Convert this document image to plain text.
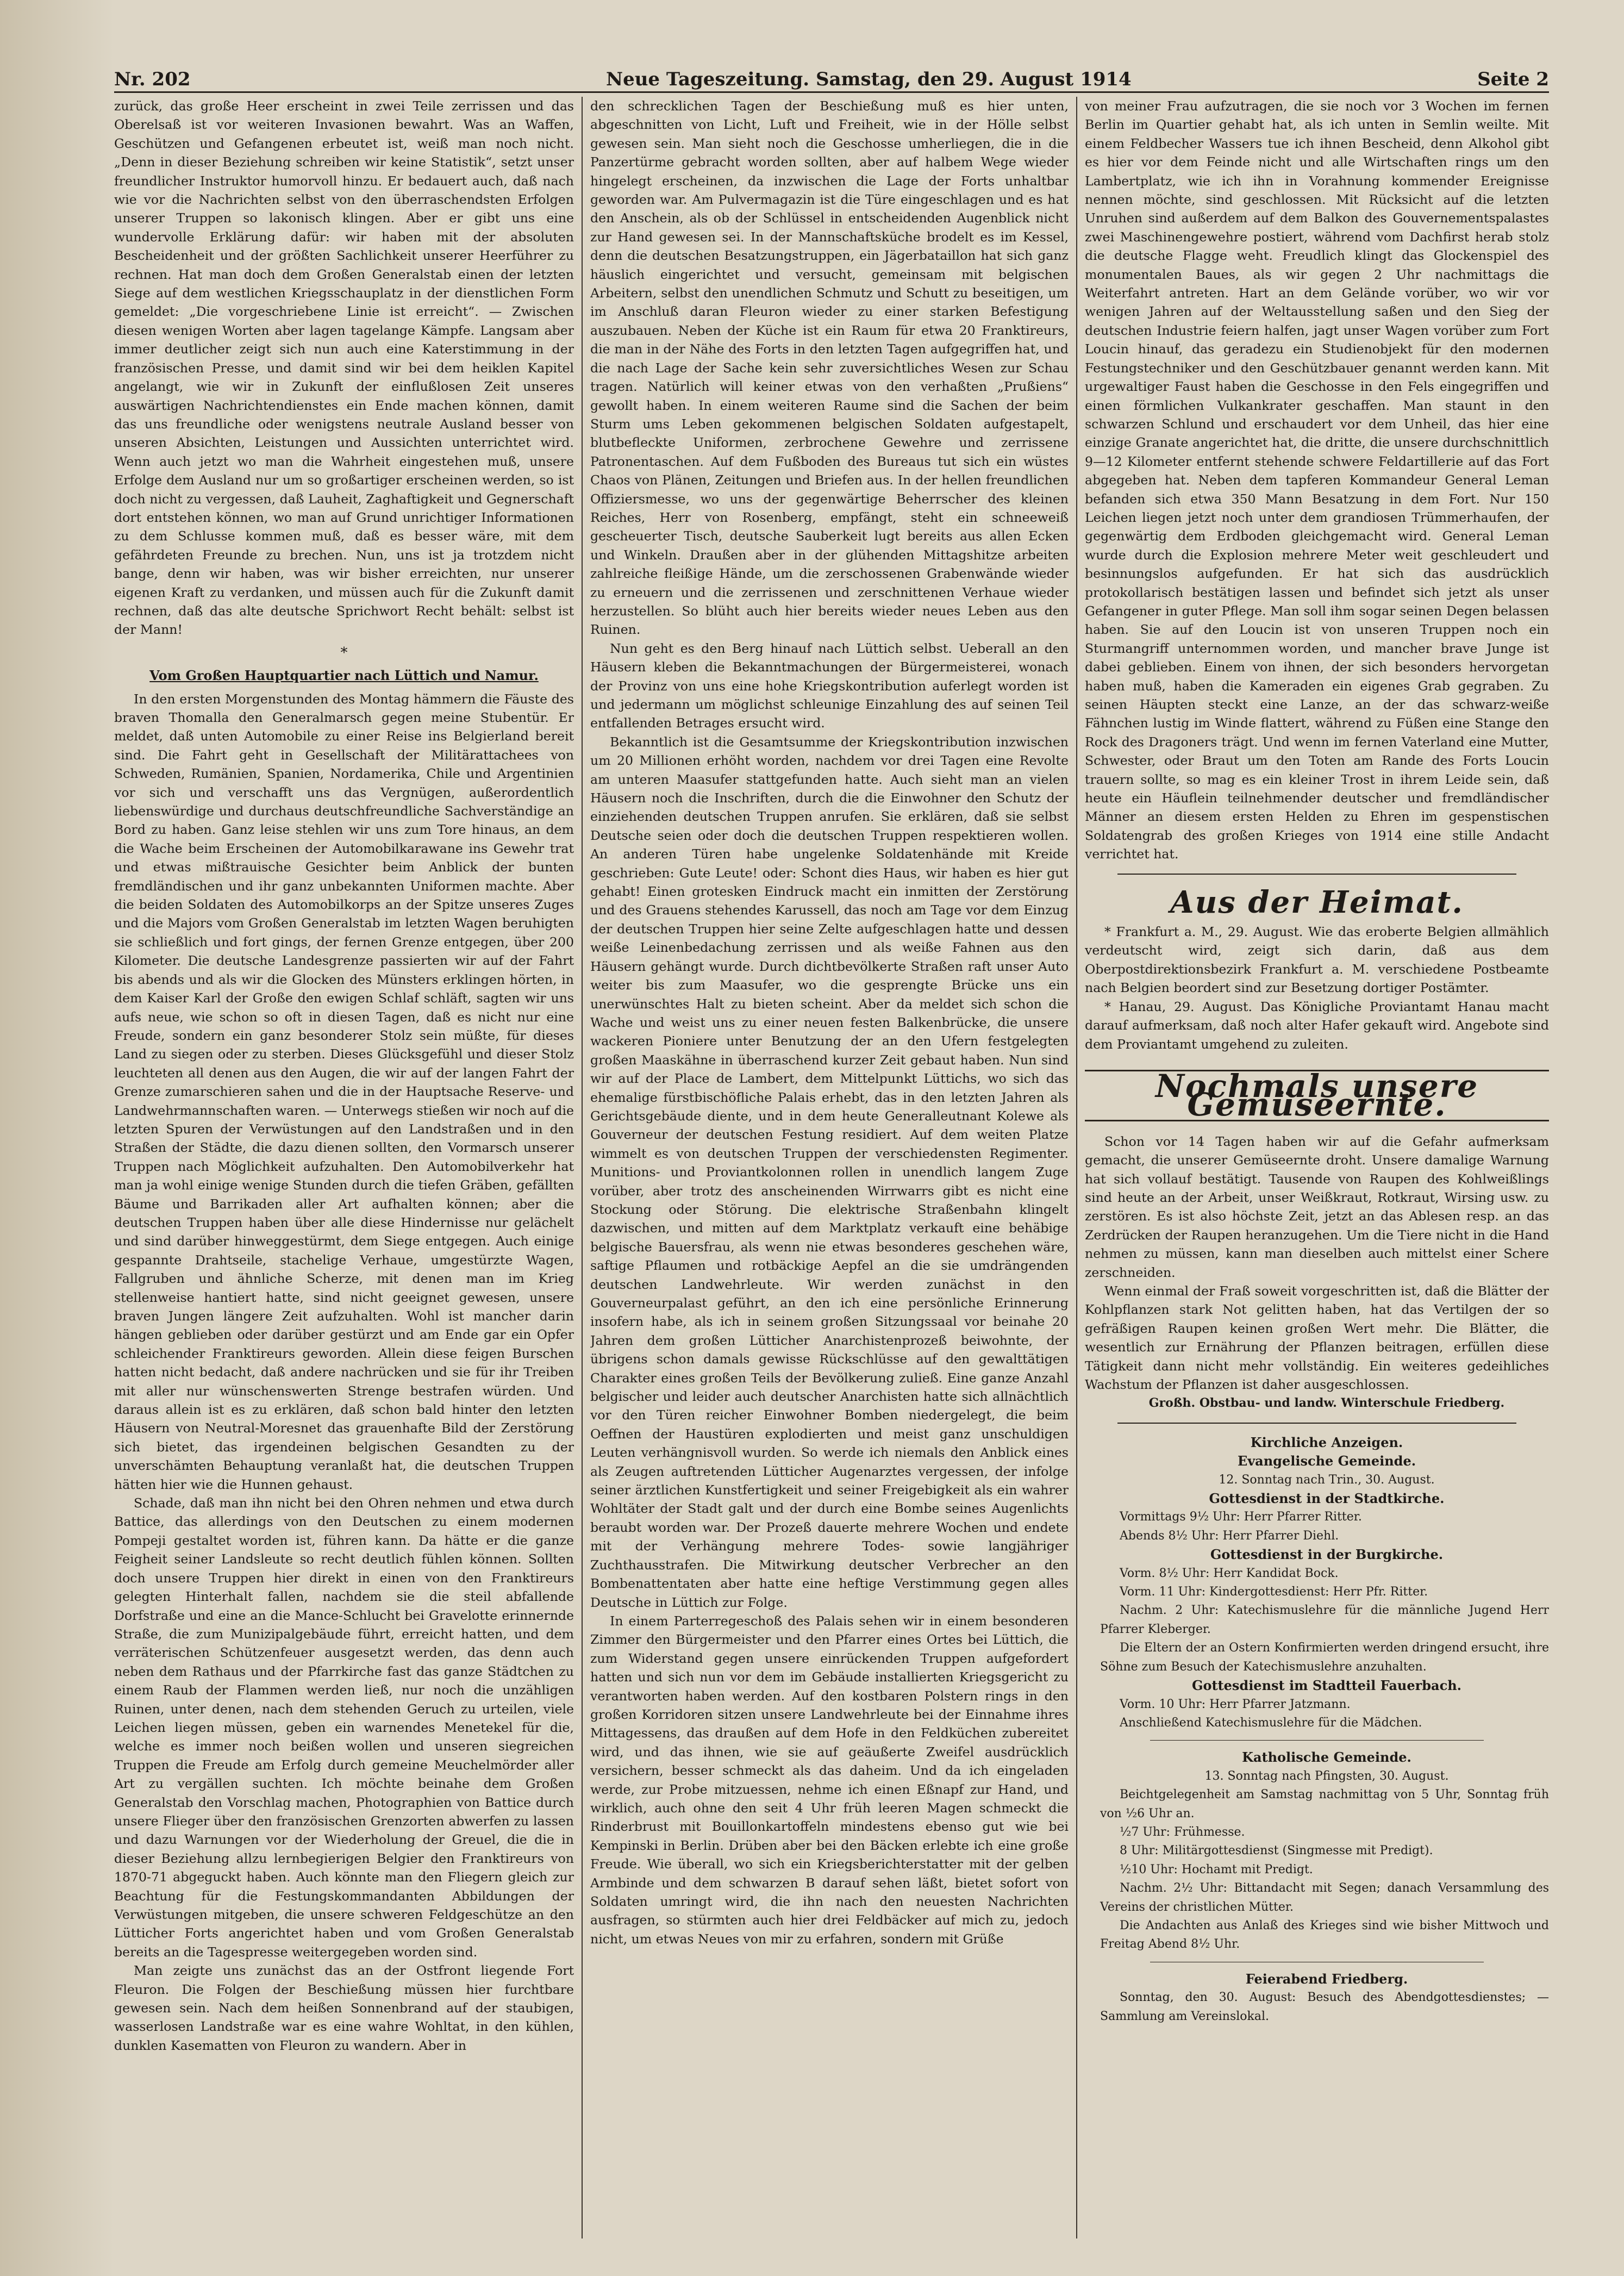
Nr. 202	Neue Tageszeitung. Samstag, den 29. August 1914	Seite 2

zurück, das große Heer erscheint in zwei Teile zerrissen und das Oberelsaß ist vor weiteren Invasionen bewahrt. Was an Waffen, Geschützen und Gefangenen erbeutet ist, weiß man noch nicht. „Denn in dieser Beziehung schreiben wir keine Statistik“, setzt unser freundlicher Instruktor humorvoll hinzu. Er bedauert auch, daß nach wie vor die Nachrichten selbst von den überraschendsten Erfolgen unserer Truppen so lakonisch klingen. Aber er gibt uns eine wundervolle Erklärung dafür: wir haben mit der absoluten Bescheidenheit und der größten Sachlichkeit unserer Heerführer zu rechnen. Hat man doch dem Großen Generalstab einen der letzten Siege auf dem westlichen Kriegsschauplatz in der dienstlichen Form gemeldet: „Die vorgeschriebene Linie ist erreicht“. — Zwischen diesen wenigen Worten aber lagen tagelange Kämpfe. Langsam aber immer deutlicher zeigt sich nun auch eine Katerstimmung in der französischen Presse, und damit sind wir bei dem heiklen Kapitel angelangt, wie wir in Zukunft der einflußlosen Zeit unseres auswärtigen Nachrichtendienstes ein Ende machen können, damit das uns freundliche oder wenigstens neutrale Ausland besser von unseren Absichten, Leistungen und Aussichten unterrichtet wird. Wenn auch jetzt wo man die Wahrheit eingestehen muß, unsere Erfolge dem Ausland nur um so großartiger erscheinen werden, so ist doch nicht zu vergessen, daß Lauheit, Zaghaftigkeit und Gegnerschaft dort entstehen können, wo man auf Grund unrichtiger Informationen zu dem Schlusse kommen muß, daß es besser wäre, mit dem gefährdeten Freunde zu brechen. Nun, uns ist ja trotzdem nicht bange, denn wir haben, was wir bisher erreichten, nur unserer eigenen Kraft zu verdanken, und müssen auch für die Zukunft damit rechnen, daß das alte deutsche Sprichwort Recht behält: selbst ist der Mann!

*

Vom Großen Hauptquartier nach Lüttich und Namur.

In den ersten Morgenstunden des Montag hämmern die Fäuste des braven Thomalla den Generalmarsch gegen meine Stubentür. Er meldet, daß unten Automobile zu einer Reise ins Belgierland bereit sind. Die Fahrt geht in Gesellschaft der Militärattachees von Schweden, Rumänien, Spanien, Nordamerika, Chile und Argentinien vor sich und verschafft uns das Vergnügen, außerordentlich liebenswürdige und durchaus deutschfreundliche Sachverständige an Bord zu haben. Ganz leise stehlen wir uns zum Tore hinaus, an dem die Wache beim Erscheinen der Automobilkarawane ins Gewehr trat und etwas mißtrauische Gesichter beim Anblick der bunten fremdländischen und ihr ganz unbekannten Uniformen machte. Aber die beiden Soldaten des Automobilkorps an der Spitze unseres Zuges und die Majors vom Großen Generalstab im letzten Wagen beruhigten sie schließlich und fort gings, der fernen Grenze entgegen, über 200 Kilometer. Die deutsche Landesgrenze passierten wir auf der Fahrt bis abends und als wir die Glocken des Münsters erklingen hörten, in dem Kaiser Karl der Große den ewigen Schlaf schläft, sagten wir uns aufs neue, wie schon so oft in diesen Tagen, daß es nicht nur eine Freude, sondern ein ganz besonderer Stolz sein müßte, für dieses Land zu siegen oder zu sterben. Dieses Glücksgefühl und dieser Stolz leuchteten all denen aus den Augen, die wir auf der langen Fahrt der Grenze zumarschieren sahen und die in der Hauptsache Reserve- und Landwehrmannschaften waren. — Unterwegs stießen wir noch auf die letzten Spuren der Verwüstungen auf den Landstraßen und in den Straßen der Städte, die dazu dienen sollten, den Vormarsch unserer Truppen nach Möglichkeit aufzuhalten. Den Automobilverkehr hat man ja wohl einige wenige Stunden durch die tiefen Gräben, gefällten Bäume und Barrikaden aller Art aufhalten können; aber die deutschen Truppen haben über alle diese Hindernisse nur gelächelt und sind darüber hinweggestürmt, dem Siege entgegen. Auch einige gespannte Drahtseile, stachelige Verhaue, umgestürzte Wagen, Fallgruben und ähnliche Scherze, mit denen man im Krieg stellenweise hantiert hatte, sind nicht geeignet gewesen, unsere braven Jungen längere Zeit aufzuhalten. Wohl ist mancher darin hängen geblieben oder darüber gestürzt und am Ende gar ein Opfer schleichender Franktireurs geworden. Allein diese feigen Burschen hatten nicht bedacht, daß andere nachrücken und sie für ihr Treiben mit aller nur wünschenswerten Strenge bestrafen würden. Und daraus allein ist es zu erklären, daß schon bald hinter den letzten Häusern von Neutral-Moresnet das grauenhafte Bild der Zerstörung sich bietet, das irgendeinen belgischen Gesandten zu der unverschämten Behauptung veranlaßt hat, die deutschen Truppen hätten hier wie die Hunnen gehaust.

Schade, daß man ihn nicht bei den Ohren nehmen und etwa durch Battice, das allerdings von den Deutschen zu einem modernen Pompeji gestaltet worden ist, führen kann. Da hätte er die ganze Feigheit seiner Landsleute so recht deutlich fühlen können. Sollten doch unsere Truppen hier direkt in einen von den Franktireurs gelegten Hinterhalt fallen, nachdem sie die steil abfallende Dorfstraße und eine an die Mance-Schlucht bei Gravelotte erinnernde Straße, die zum Munizipalgebäude führt, erreicht hatten, und dem verräterischen Schützenfeuer ausgesetzt werden, das denn auch neben dem Rathaus und der Pfarrkirche fast das ganze Städtchen zu einem Raub der Flammen werden ließ, nur noch die unzähligen Ruinen, unter denen, nach dem stehenden Geruch zu urteilen, viele Leichen liegen müssen, geben ein warnendes Menetekel für die, welche es immer noch beißen wollen und unseren siegreichen Truppen die Freude am Erfolg durch gemeine Meuchelmörder aller Art zu vergällen suchten. Ich möchte beinahe dem Großen Generalstab den Vorschlag machen, Photographien von Battice durch unsere Flieger über den französischen Grenzorten abwerfen zu lassen und dazu Warnungen vor der Wiederholung der Greuel, die die in dieser Beziehung allzu lernbegierigen Belgier den Franktireurs von 1870-71 abgeguckt haben. Auch könnte man den Fliegern gleich zur Beachtung für die Festungskommandanten Abbildungen der Verwüstungen mitgeben, die unsere schweren Feldgeschütze an den Lütticher Forts angerichtet haben und vom Großen Generalstab bereits an die Tagespresse weitergegeben worden sind.

Man zeigte uns zunächst das an der Ostfront liegende Fort Fleuron. Die Folgen der Beschießung müssen hier furchtbare gewesen sein. Nach dem heißen Sonnenbrand auf der staubigen, wasserlosen Landstraße war es eine wahre Wohltat, in den kühlen, dunklen Kasematten von Fleuron zu wandern. Aber in

den schrecklichen Tagen der Beschießung muß es hier unten, abgeschnitten von Licht, Luft und Freiheit, wie in der Hölle selbst gewesen sein. Man sieht noch die Geschosse umherliegen, die in die Panzertürme gebracht worden sollten, aber auf halbem Wege wieder hingelegt erscheinen, da inzwischen die Lage der Forts unhaltbar geworden war. Am Pulvermagazin ist die Türe eingeschlagen und es hat den Anschein, als ob der Schlüssel in entscheidenden Augenblick nicht zur Hand gewesen sei. In der Mannschaftsküche brodelt es im Kessel, denn die deutschen Besatzungstruppen, ein Jägerbataillon hat sich ganz häuslich eingerichtet und versucht, gemeinsam mit belgischen Arbeitern, selbst den unendlichen Schmutz und Schutt zu beseitigen, um im Anschluß daran Fleuron wieder zu einer starken Befestigung auszubauen. Neben der Küche ist ein Raum für etwa 20 Franktireurs, die man in der Nähe des Forts in den letzten Tagen aufgegriffen hat, und die nach Lage der Sache kein sehr zuversichtliches Wesen zur Schau tragen. Natürlich will keiner etwas von den verhaßten „Prußiens“ gewollt haben. In einem weiteren Raume sind die Sachen der beim Sturm ums Leben gekommenen belgischen Soldaten aufgestapelt, blutbefleckte Uniformen, zerbrochene Gewehre und zerrissene Patronentaschen. Auf dem Fußboden des Bureaus tut sich ein wüstes Chaos von Plänen, Zeitungen und Briefen aus. In der hellen freundlichen Offiziersmesse, wo uns der gegenwärtige Beherrscher des kleinen Reiches, Herr von Rosenberg, empfängt, steht ein schneeweiß gescheuerter Tisch, deutsche Sauberkeit lugt bereits aus allen Ecken und Winkeln. Draußen aber in der glühenden Mittagshitze arbeiten zahlreiche fleißige Hände, um die zerschossenen Grabenwände wieder zu erneuern und die zerrissenen und zerschnittenen Verhaue wieder herzustellen. So blüht auch hier bereits wieder neues Leben aus den Ruinen.

Nun geht es den Berg hinauf nach Lüttich selbst. Ueberall an den Häusern kleben die Bekanntmachungen der Bürgermeisterei, wonach der Provinz von uns eine hohe Kriegskontribution auferlegt worden ist und jedermann um möglichst schleunige Einzahlung des auf seinen Teil entfallenden Betrages ersucht wird.

Bekanntlich ist die Gesamtsumme der Kriegskontribution inzwischen um 20 Millionen erhöht worden, nachdem vor drei Tagen eine Revolte am unteren Maasufer stattgefunden hatte. Auch sieht man an vielen Häusern noch die Inschriften, durch die die Einwohner den Schutz der einziehenden deutschen Truppen anrufen. Sie erklären, daß sie selbst Deutsche seien oder doch die deutschen Truppen respektieren wollen. An anderen Türen habe ungelenke Soldatenhände mit Kreide geschrieben: Gute Leute! oder: Schont dies Haus, wir haben es hier gut gehabt! Einen grotesken Eindruck macht ein inmitten der Zerstörung und des Grauens stehendes Karussell, das noch am Tage vor dem Einzug der deutschen Truppen hier seine Zelte aufgeschlagen hatte und dessen weiße Leinenbedachung zerrissen und als weiße Fahnen aus den Häusern gehängt wurde. Durch dichtbevölkerte Straßen raft unser Auto weiter bis zum Maasufer, wo die gesprengte Brücke uns ein unerwünschtes Halt zu bieten scheint. Aber da meldet sich schon die Wache und weist uns zu einer neuen festen Balkenbrücke, die unsere wackeren Pioniere unter Benutzung der an den Ufern festgelegten großen Maaskähne in überraschend kurzer Zeit gebaut haben. Nun sind wir auf der Place de Lambert, dem Mittelpunkt Lüttichs, wo sich das ehemalige fürstbischöfliche Palais erhebt, das in den letzten Jahren als Gerichtsgebäude diente, und in dem heute Generalleutnant Kolewe als Gouverneur der deutschen Festung residiert. Auf dem weiten Platze wimmelt es von deutschen Truppen der verschiedensten Regimenter. Munitions- und Proviantkolonnen rollen in unendlich langem Zuge vorüber, aber trotz des anscheinenden Wirrwarrs gibt es nicht eine Stockung oder Störung. Die elektrische Straßenbahn klingelt dazwischen, und mitten auf dem Marktplatz verkauft eine behäbige belgische Bauersfrau, als wenn nie etwas besonderes geschehen wäre, saftige Pflaumen und rotbäckige Aepfel an die sie umdrängenden deutschen Landwehrleute. Wir werden zunächst in den Gouverneurpalast geführt, an den ich eine persönliche Erinnerung insofern habe, als ich in seinem großen Sitzungssaal vor beinahe 20 Jahren dem großen Lütticher Anarchistenprozeß beiwohnte, der übrigens schon damals gewisse Rückschlüsse auf den gewalttätigen Charakter eines großen Teils der Bevölkerung zuließ. Eine ganze Anzahl belgischer und leider auch deutscher Anarchisten hatte sich allnächtlich vor den Türen reicher Einwohner Bomben niedergelegt, die beim Oeffnen der Haustüren explodierten und meist ganz unschuldigen Leuten verhängnisvoll wurden. So werde ich niemals den Anblick eines als Zeugen auftretenden Lütticher Augenarztes vergessen, der infolge seiner ärztlichen Kunstfertigkeit und seiner Freigebigkeit als ein wahrer Wohltäter der Stadt galt und der durch eine Bombe seines Augenlichts beraubt worden war. Der Prozeß dauerte mehrere Wochen und endete mit der Verhängung mehrere Todes- sowie langjähriger Zuchthausstrafen. Die Mitwirkung deutscher Verbrecher an den Bombenattentaten aber hatte eine heftige Verstimmung gegen alles Deutsche in Lüttich zur Folge.

In einem Parterregeschoß des Palais sehen wir in einem besonderen Zimmer den Bürgermeister und den Pfarrer eines Ortes bei Lüttich, die zum Widerstand gegen unsere einrückenden Truppen aufgefordert hatten und sich nun vor dem im Gebäude installierten Kriegsgericht zu verantworten haben werden. Auf den kostbaren Polstern rings in den großen Korridoren sitzen unsere Landwehrleute bei der Einnahme ihres Mittagessens, das draußen auf dem Hofe in den Feldküchen zubereitet wird, und das ihnen, wie sie auf geäußerte Zweifel ausdrücklich versichern, besser schmeckt als das daheim. Und da ich eingeladen werde, zur Probe mitzuessen, nehme ich einen Eßnapf zur Hand, und wirklich, auch ohne den seit 4 Uhr früh leeren Magen schmeckt die Rinderbrust mit Bouillonkartoffeln mindestens ebenso gut wie bei Kempinski in Berlin. Drüben aber bei den Bäcken erlebte ich eine große Freude. Wie überall, wo sich ein Kriegsberichterstatter mit der gelben Armbinde und dem schwarzen B darauf sehen läßt, bietet sofort von Soldaten umringt wird, die ihn nach den neuesten Nachrichten ausfragen, so stürmten auch hier drei Feldbäcker auf mich zu, jedoch nicht, um etwas Neues von mir zu erfahren, sondern mit Grüße

von meiner Frau aufzutragen, die sie noch vor 3 Wochen im fernen Berlin im Quartier gehabt hat, als ich unten in Semlin weilte. Mit einem Feldbecher Wassers tue ich ihnen Bescheid, denn Alkohol gibt es hier vor dem Feinde nicht und alle Wirtschaften rings um den Lambertplatz, wie ich ihn in Vorahnung kommender Ereignisse nennen möchte, sind geschlossen. Mit Rücksicht auf die letzten Unruhen sind außerdem auf dem Balkon des Gouvernementspalastes zwei Maschinengewehre postiert, während vom Dachfirst herab stolz die deutsche Flagge weht. Freudlich klingt das Glockenspiel des monumentalen Baues, als wir gegen 2 Uhr nachmittags die Weiterfahrt antreten. Hart an dem Gelände vorüber, wo wir vor wenigen Jahren auf der Weltausstellung saßen und den Sieg der deutschen Industrie feiern halfen, jagt unser Wagen vorüber zum Fort Loucin hinauf, das geradezu ein Studienobjekt für den modernen Festungstechniker und den Geschützbauer genannt werden kann. Mit urgewaltiger Faust haben die Geschosse in den Fels eingegriffen und einen förmlichen Vulkankrater geschaffen. Man staunt in den schwarzen Schlund und erschaudert vor dem Unheil, das hier eine einzige Granate angerichtet hat, die dritte, die unsere durchschnittlich 9—12 Kilometer entfernt stehende schwere Feldartillerie auf das Fort abgegeben hat. Neben dem tapferen Kommandeur General Leman befanden sich etwa 350 Mann Besatzung in dem Fort. Nur 150 Leichen liegen jetzt noch unter dem grandiosen Trümmerhaufen, der gegenwärtig dem Erdboden gleichgemacht wird. General Leman wurde durch die Explosion mehrere Meter weit geschleudert und besinnungslos aufgefunden. Er hat sich das ausdrücklich protokollarisch bestätigen lassen und befindet sich jetzt als unser Gefangener in guter Pflege. Man soll ihm sogar seinen Degen belassen haben. Sie auf den Loucin ist von unseren Truppen noch ein Sturmangriff unternommen worden, und mancher brave Junge ist dabei geblieben. Einem von ihnen, der sich besonders hervorgetan haben muß, haben die Kameraden ein eigenes Grab gegraben. Zu seinen Häupten steckt eine Lanze, an der das schwarz-weiße Fähnchen lustig im Winde flattert, während zu Füßen eine Stange den Rock des Dragoners trägt. Und wenn im fernen Vaterland eine Mutter, Schwester, oder Braut um den Toten am Rande des Forts Loucin trauern sollte, so mag es ein kleiner Trost in ihrem Leide sein, daß heute ein Häuflein teilnehmender deutscher und fremdländischer Männer an diesem ersten Helden zu Ehren im gespenstischen Soldatengrab des großen Krieges von 1914 eine stille Andacht verrichtet hat.

Aus der Heimat.

* Frankfurt a. M., 29. August. Wie das eroberte Belgien allmählich verdeutscht wird, zeigt sich darin, daß aus dem Oberpostdirektionsbezirk Frankfurt a. M. verschiedene Postbeamte nach Belgien beordert sind zur Besetzung dortiger Postämter.

* Hanau, 29. August. Das Königliche Proviantamt Hanau macht darauf aufmerksam, daß noch alter Hafer gekauft wird. Angebote sind dem Proviantamt umgehend zu zuleiten.

Nochmals unsere Gemüseernte.

Schon vor 14 Tagen haben wir auf die Gefahr aufmerksam gemacht, die unserer Gemüseernte droht. Unsere damalige Warnung hat sich vollauf bestätigt. Tausende von Raupen des Kohlweißlings sind heute an der Arbeit, unser Weißkraut, Rotkraut, Wirsing usw. zu zerstören. Es ist also höchste Zeit, jetzt an das Ablesen resp. an das Zerdrücken der Raupen heranzugehen. Um die Tiere nicht in die Hand nehmen zu müssen, kann man dieselben auch mittelst einer Schere zerschneiden.

Wenn einmal der Fraß soweit vorgeschritten ist, daß die Blätter der Kohlpflanzen stark Not gelitten haben, hat das Vertilgen der so gefräßigen Raupen keinen großen Wert mehr. Die Blätter, die wesentlich zur Ernährung der Pflanzen beitragen, erfüllen diese Tätigkeit dann nicht mehr vollständig. Ein weiteres gedeihliches Wachstum der Pflanzen ist daher ausgeschlossen.

Großh. Obstbau- und landw. Winterschule Friedberg.

Kirchliche Anzeigen.

Evangelische Gemeinde.

12. Sonntag nach Trin., 30. August.

Gottesdienst in der Stadtkirche.

Vormittags 9½ Uhr: Herr Pfarrer Ritter.

Abends 8½ Uhr: Herr Pfarrer Diehl.

Gottesdienst in der Burgkirche.

Vorm. 8½ Uhr: Herr Kandidat Bock.

Vorm. 11 Uhr: Kindergottesdienst: Herr Pfr. Ritter.

Nachm. 2 Uhr: Katechismuslehre für die männliche Jugend Herr Pfarrer Kleberger.

Die Eltern der an Ostern Konfirmierten werden dringend ersucht, ihre Söhne zum Besuch der Katechismuslehre anzuhalten.

Gottesdienst im Stadtteil Fauerbach.

Vorm. 10 Uhr: Herr Pfarrer Jatzmann.

Anschließend Katechismuslehre für die Mädchen.

Katholische Gemeinde.

13. Sonntag nach Pfingsten, 30. August.

Beichtgelegenheit am Samstag nachmittag von 5 Uhr, Sonntag früh von ½6 Uhr an.

½7 Uhr: Frühmesse.

8 Uhr: Militärgottesdienst (Singmesse mit Predigt).

½10 Uhr: Hochamt mit Predigt.

Nachm. 2½ Uhr: Bittandacht mit Segen; danach Versammlung des Vereins der christlichen Mütter.

Die Andachten aus Anlaß des Krieges sind wie bisher Mittwoch und Freitag Abend 8½ Uhr.

Feierabend Friedberg.

Sonntag, den 30. August: Besuch des Abendgottesdienstes; — Sammlung am Vereinslokal.
